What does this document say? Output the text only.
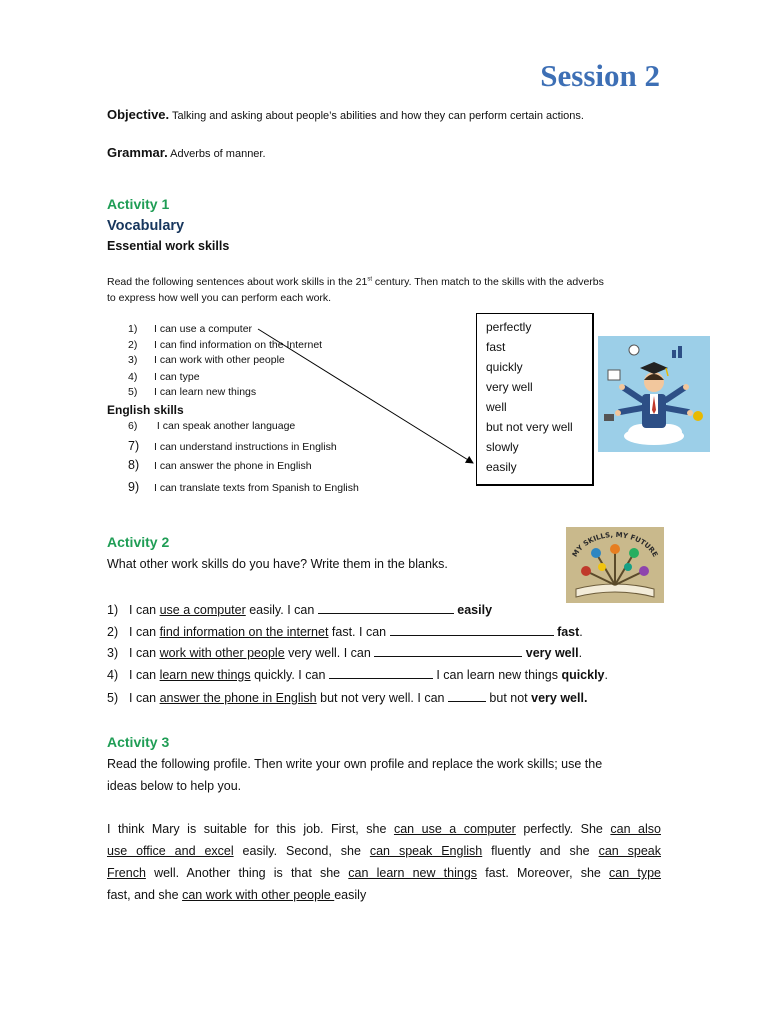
Session 2
Objective. Talking and asking about people’s abilities and how they can perform certain actions.
Grammar. Adverbs of manner.
Activity 1
Vocabulary
Essential work skills
Read the following sentences about work skills in the 21st century. Then match to the skills with the adverbs
to express how well you can perform each work.
1) I can use a computer
2) I can find information on the Internet
3) I can work with other people
4) I can type
5) I can learn new things
English skills
6) I can speak another language
7) I can understand instructions in English
8) I can answer the phone in English
9) I can translate texts from Spanish to English
perfectly
fast
quickly
very well
well
but not very well
slowly
easily
Activity 2
What other work skills do you have? Write them in the blanks.
MY SKILLS, MY FUTURE
1) I can use a computer easily. I can	easily
2) I can find information on the internet fast. I can	fast.
3) I can work with other people very well. I can	very well.
4) I can learn new things quickly. I can	I can learn new things quickly.
5) I can answer the phone in English but not very well. I can	but not very well.
Activity 3
Read the following profile. Then write your own profile and replace the work skills; use the
ideas below to help you.
I think Mary is suitable for this job. First, she can use a computer perfectly. She can also
use office and excel easily. Second, she can speak English fluently and she can speak
French well. Another thing is that she can learn new things fast. Moreover, she can type
fast, and she can work with other people easily
